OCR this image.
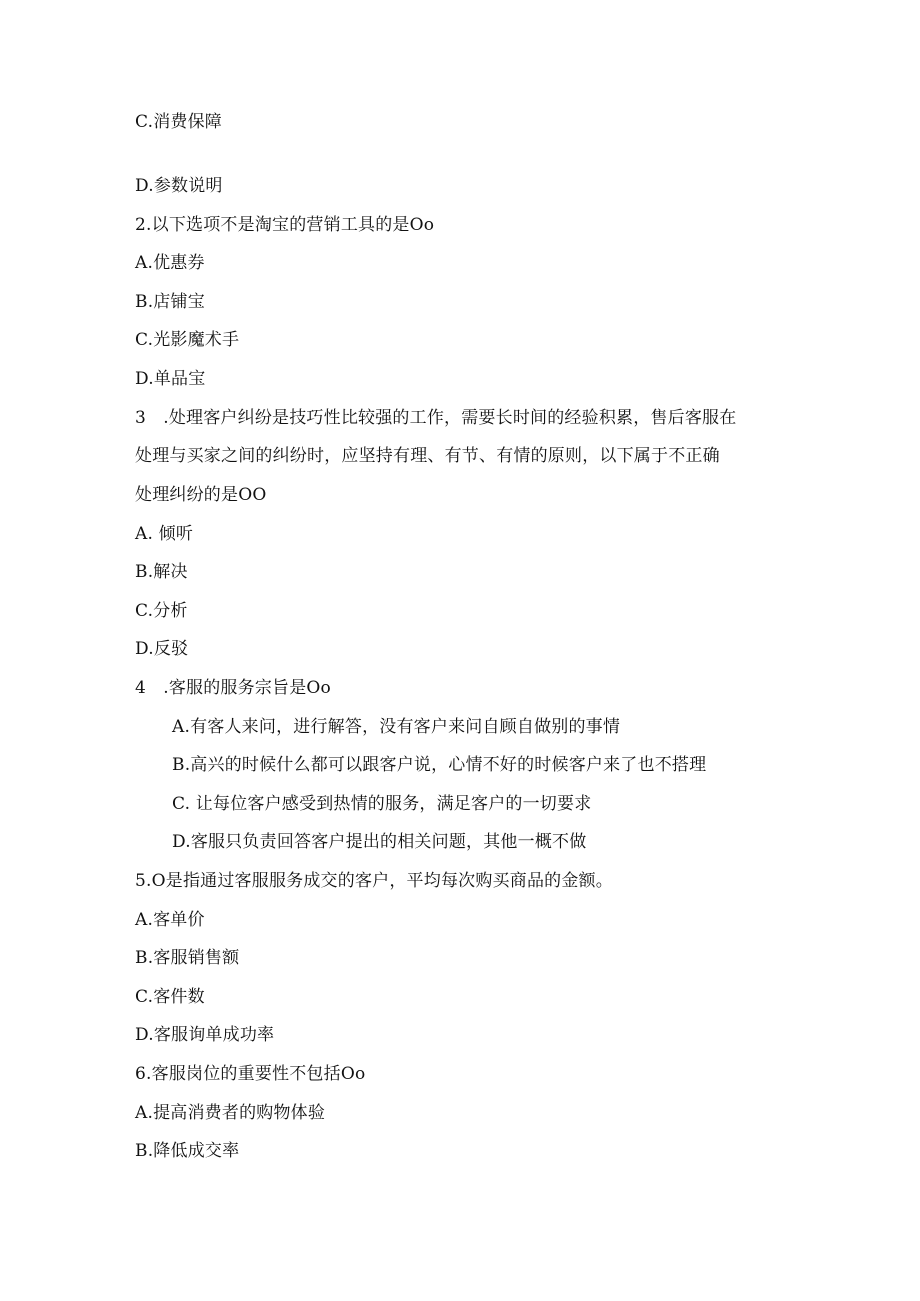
C.消费保障
D.参数说明
2.以下选项不是淘宝的营销工具的是Oo
A.优惠券
B.店铺宝
C.光影魔术手
D.单品宝
3　.处理客户纠纷是技巧性比较强的工作，需要长时间的经验积累，售后客服在
处理与买家之间的纠纷时，应坚持有理、有节、有情的原则，以下属于不正确
处理纠纷的是OO
A. 倾听
B.解决
C.分析
D.反驳
4　.客服的服务宗旨是Oo
A.有客人来问，进行解答，没有客户来问自顾自做别的事情
B.高兴的时候什么都可以跟客户说，心情不好的时候客户来了也不搭理
C. 让每位客户感受到热情的服务，满足客户的一切要求
D.客服只负责回答客户提出的相关问题，其他一概不做
5.O是指通过客服服务成交的客户，平均每次购买商品的金额。
A.客单价
B.客服销售额
C.客件数
D.客服询单成功率
6.客服岗位的重要性不包括Oo
A.提高消费者的购物体验
B.降低成交率
